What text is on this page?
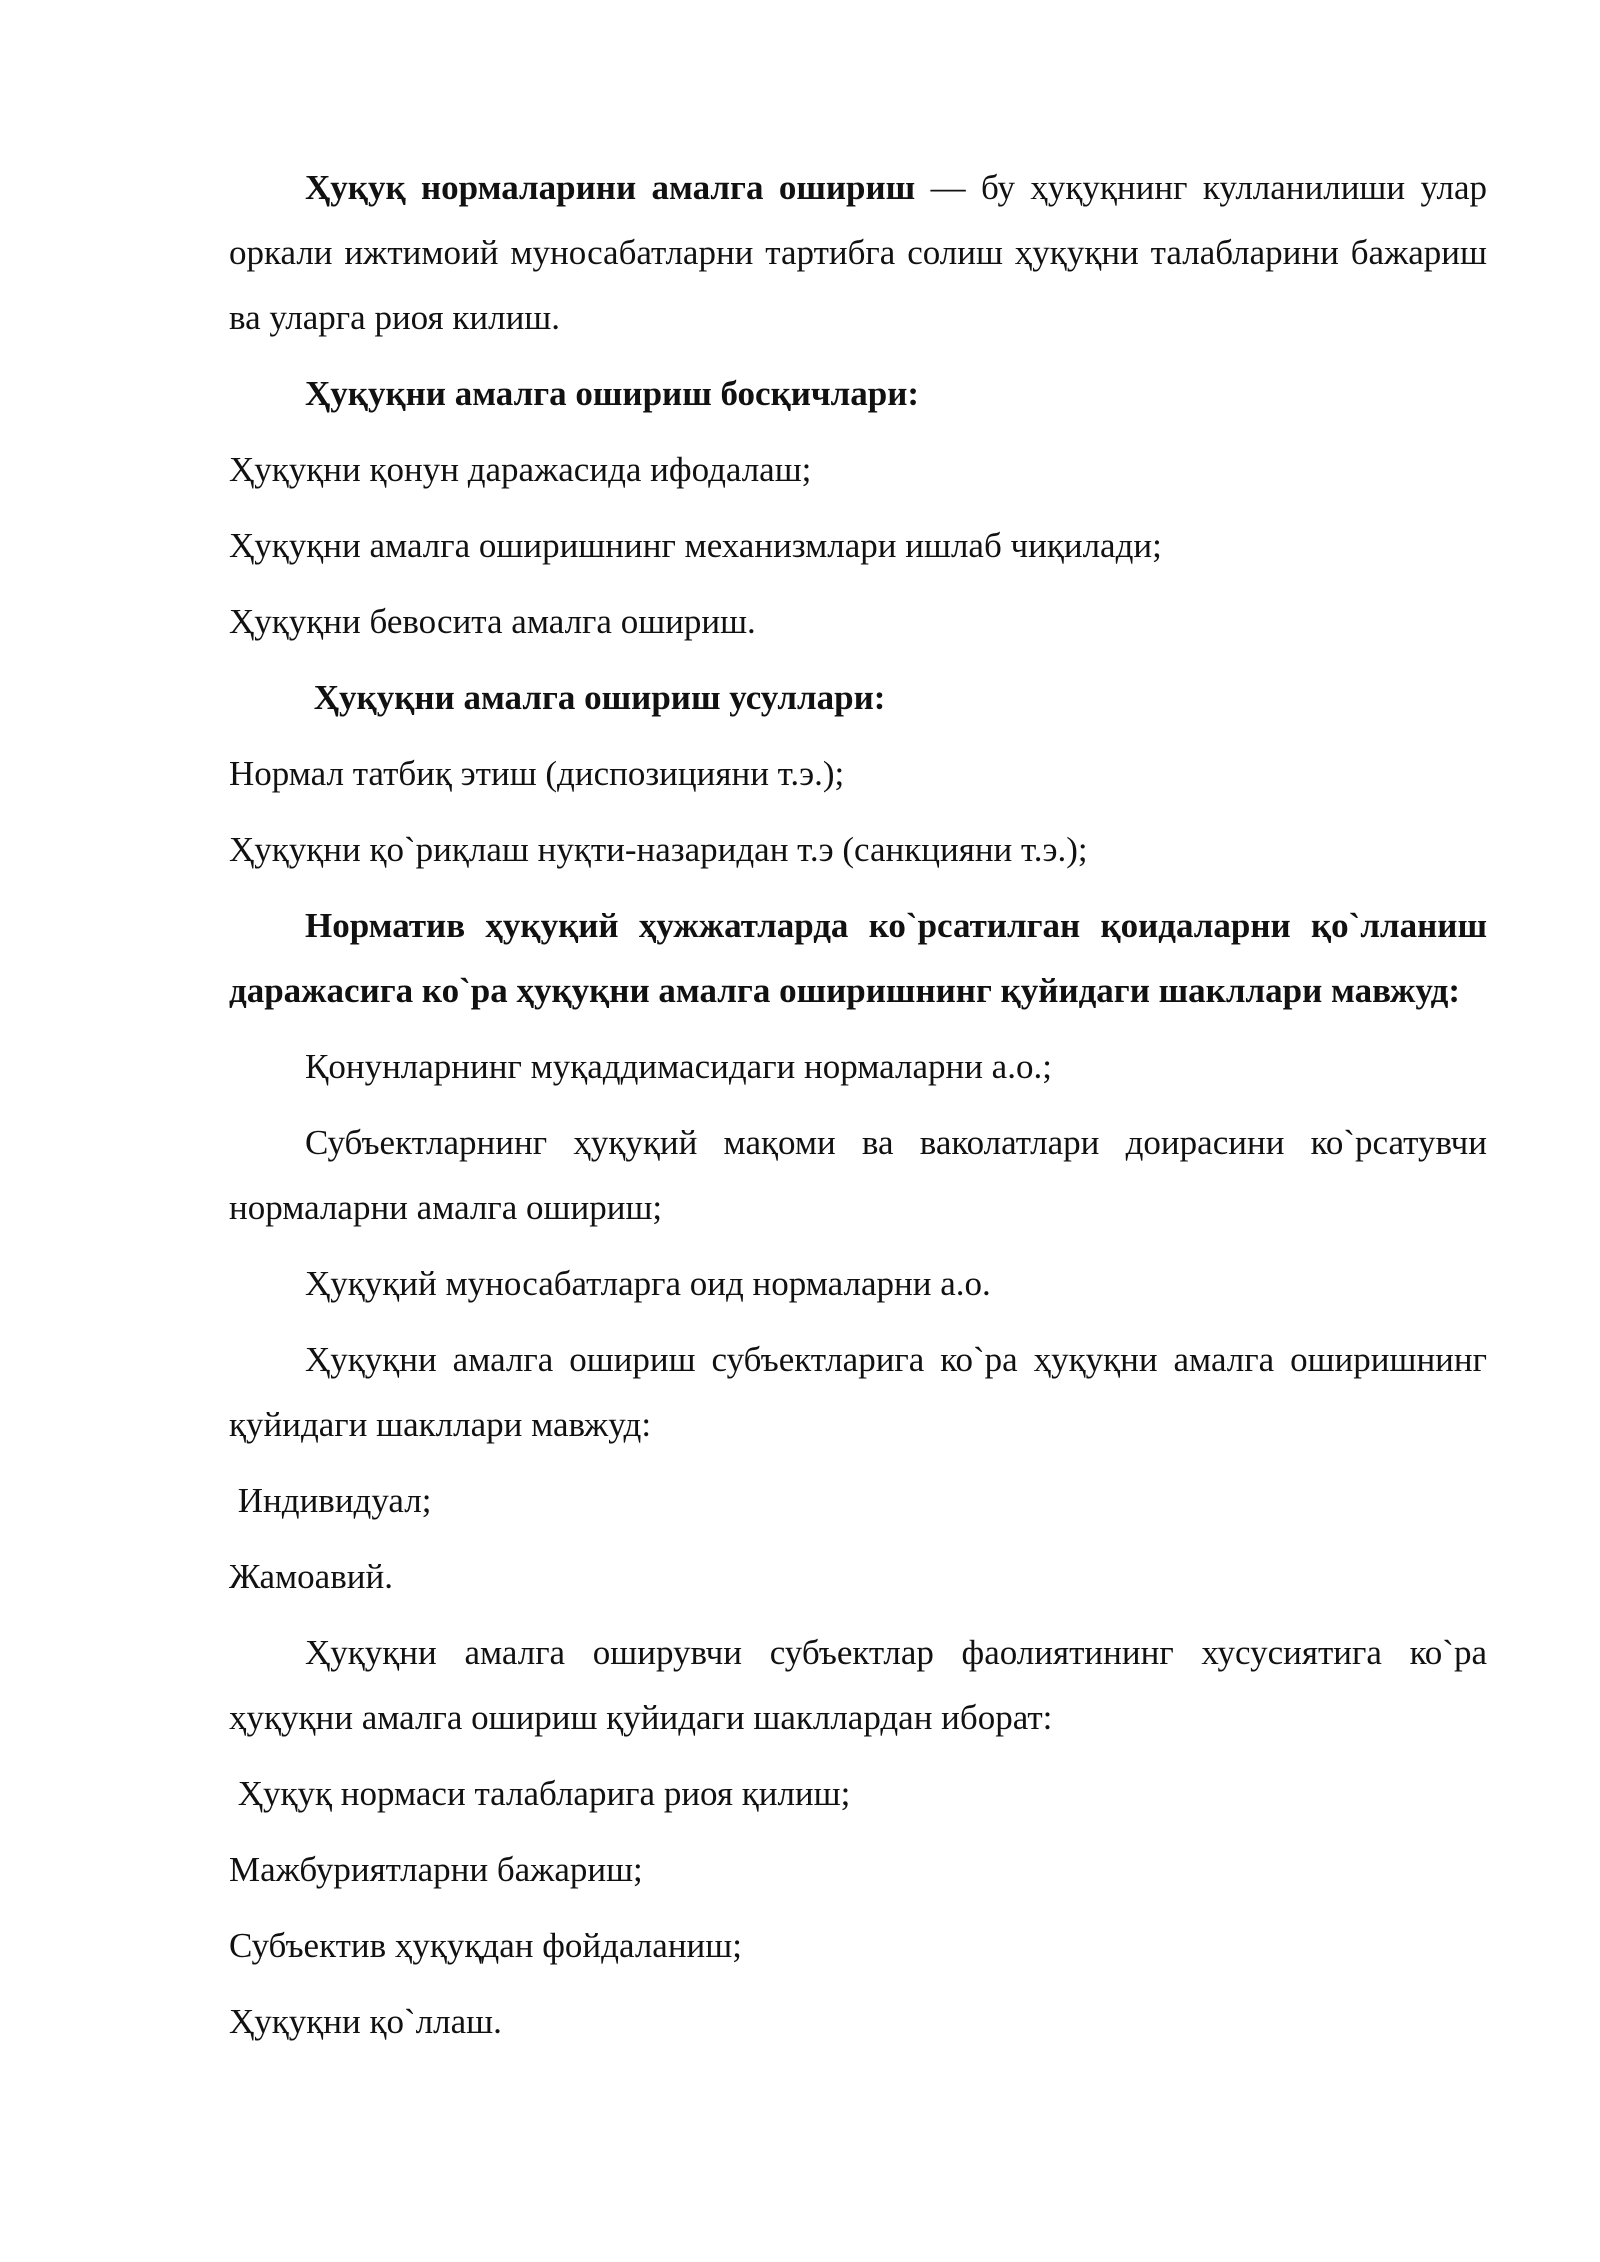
Ҳуқуқ нормаларини амалга ошириш — бу ҳуқуқнинг кулланилиши улар оркали ижтимоий муносабатларни тартибга солиш ҳуқуқни талабларини бажариш ва уларга риоя килиш.

Ҳуқуқни амалга ошириш босқичлари:

Ҳуқуқни қонун даражасида ифодалаш;

Ҳуқуқни амалга оширишнинг механизмлари ишлаб чиқилади;

Ҳуқуқни бевосита амалга ошириш.

Ҳуқуқни амалга ошириш усуллари:

Нормал татбиқ этиш (диспозицияни т.э.);

Ҳуқуқни қо`риқлаш нуқти-назаридан т.э (санкцияни т.э.);

Норматив ҳуқуқий ҳужжатларда ко`рсатилган қоидаларни қо`лланиш даражасига ко`ра ҳуқуқни амалга оширишнинг қуйидаги шакллари мавжуд:

Қонунларнинг муқаддимасидаги нормаларни а.о.;

Субъектларнинг ҳуқуқий мақоми ва ваколатлари доирасини ко`рсатувчи нормаларни амалга ошириш;

Ҳуқуқий муносабатларга оид нормаларни а.о.

Ҳуқуқни амалга ошириш субъектларига ко`ра ҳуқуқни амалга оширишнинг қуйидаги шакллари мавжуд:

Индивидуал;

Жамоавий.

Ҳуқуқни амалга оширувчи субъектлар фаолиятининг хусусиятига ко`ра ҳуқуқни амалга ошириш қуйидаги шакллардан иборат:

Ҳуқуқ нормаси талабларига риоя қилиш;

Мажбуриятларни бажариш;

Субъектив ҳуқуқдан фойдаланиш;

Ҳуқуқни қо`ллаш.
